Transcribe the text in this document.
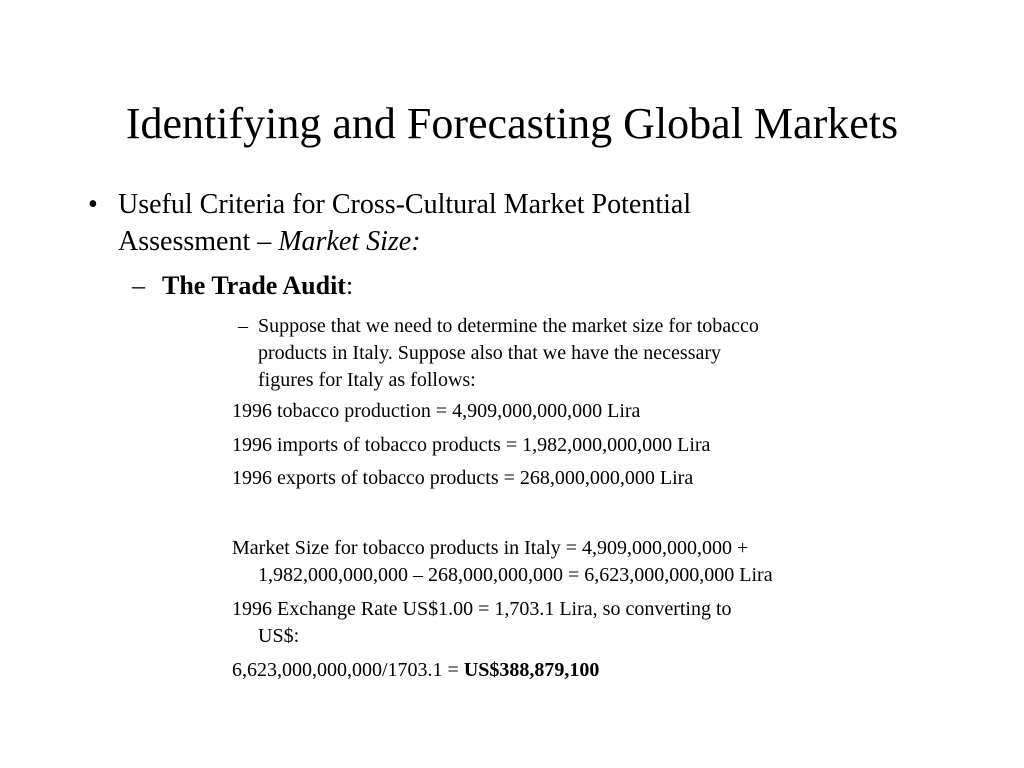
Identifying and Forecasting Global Markets
• Useful Criteria for Cross-Cultural Market Potential
Assessment – Market Size:
– The Trade Audit:
– Suppose that we need to determine the market size for tobacco
products in Italy. Suppose also that we have the necessary
figures for Italy as follows:
1996 tobacco production = 4,909,000,000,000 Lira
1996 imports of tobacco products = 1,982,000,000,000 Lira
1996 exports of tobacco products = 268,000,000,000 Lira
Market Size for tobacco products in Italy = 4,909,000,000,000 +
1,982,000,000,000 – 268,000,000,000 = 6,623,000,000,000 Lira
1996 Exchange Rate US$1.00 = 1,703.1 Lira, so converting to
US$:
6,623,000,000,000/1703.1 = US$388,879,100
